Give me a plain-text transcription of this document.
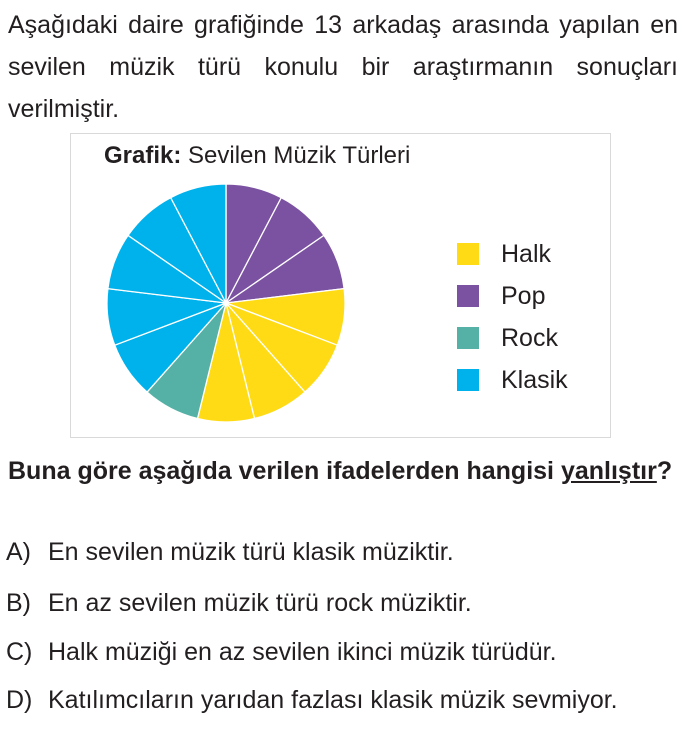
Aşağıdaki daire grafiğinde 13 arkadaş arasında yapılan en sevilen müzik türü konulu bir araştırmanın sonuçları verilmiştir.

Grafik: Sevilen Müzik Türleri
Halk
Pop
Rock
Klasik

Buna göre aşağıda verilen ifadelerden hangisi yanlıştır?

A) En sevilen müzik türü klasik müziktir.
B) En az sevilen müzik türü rock müziktir.
C) Halk müziği en az sevilen ikinci müzik türüdür.
D) Katılımcıların yarıdan fazlası klasik müzik sevmiyor.
